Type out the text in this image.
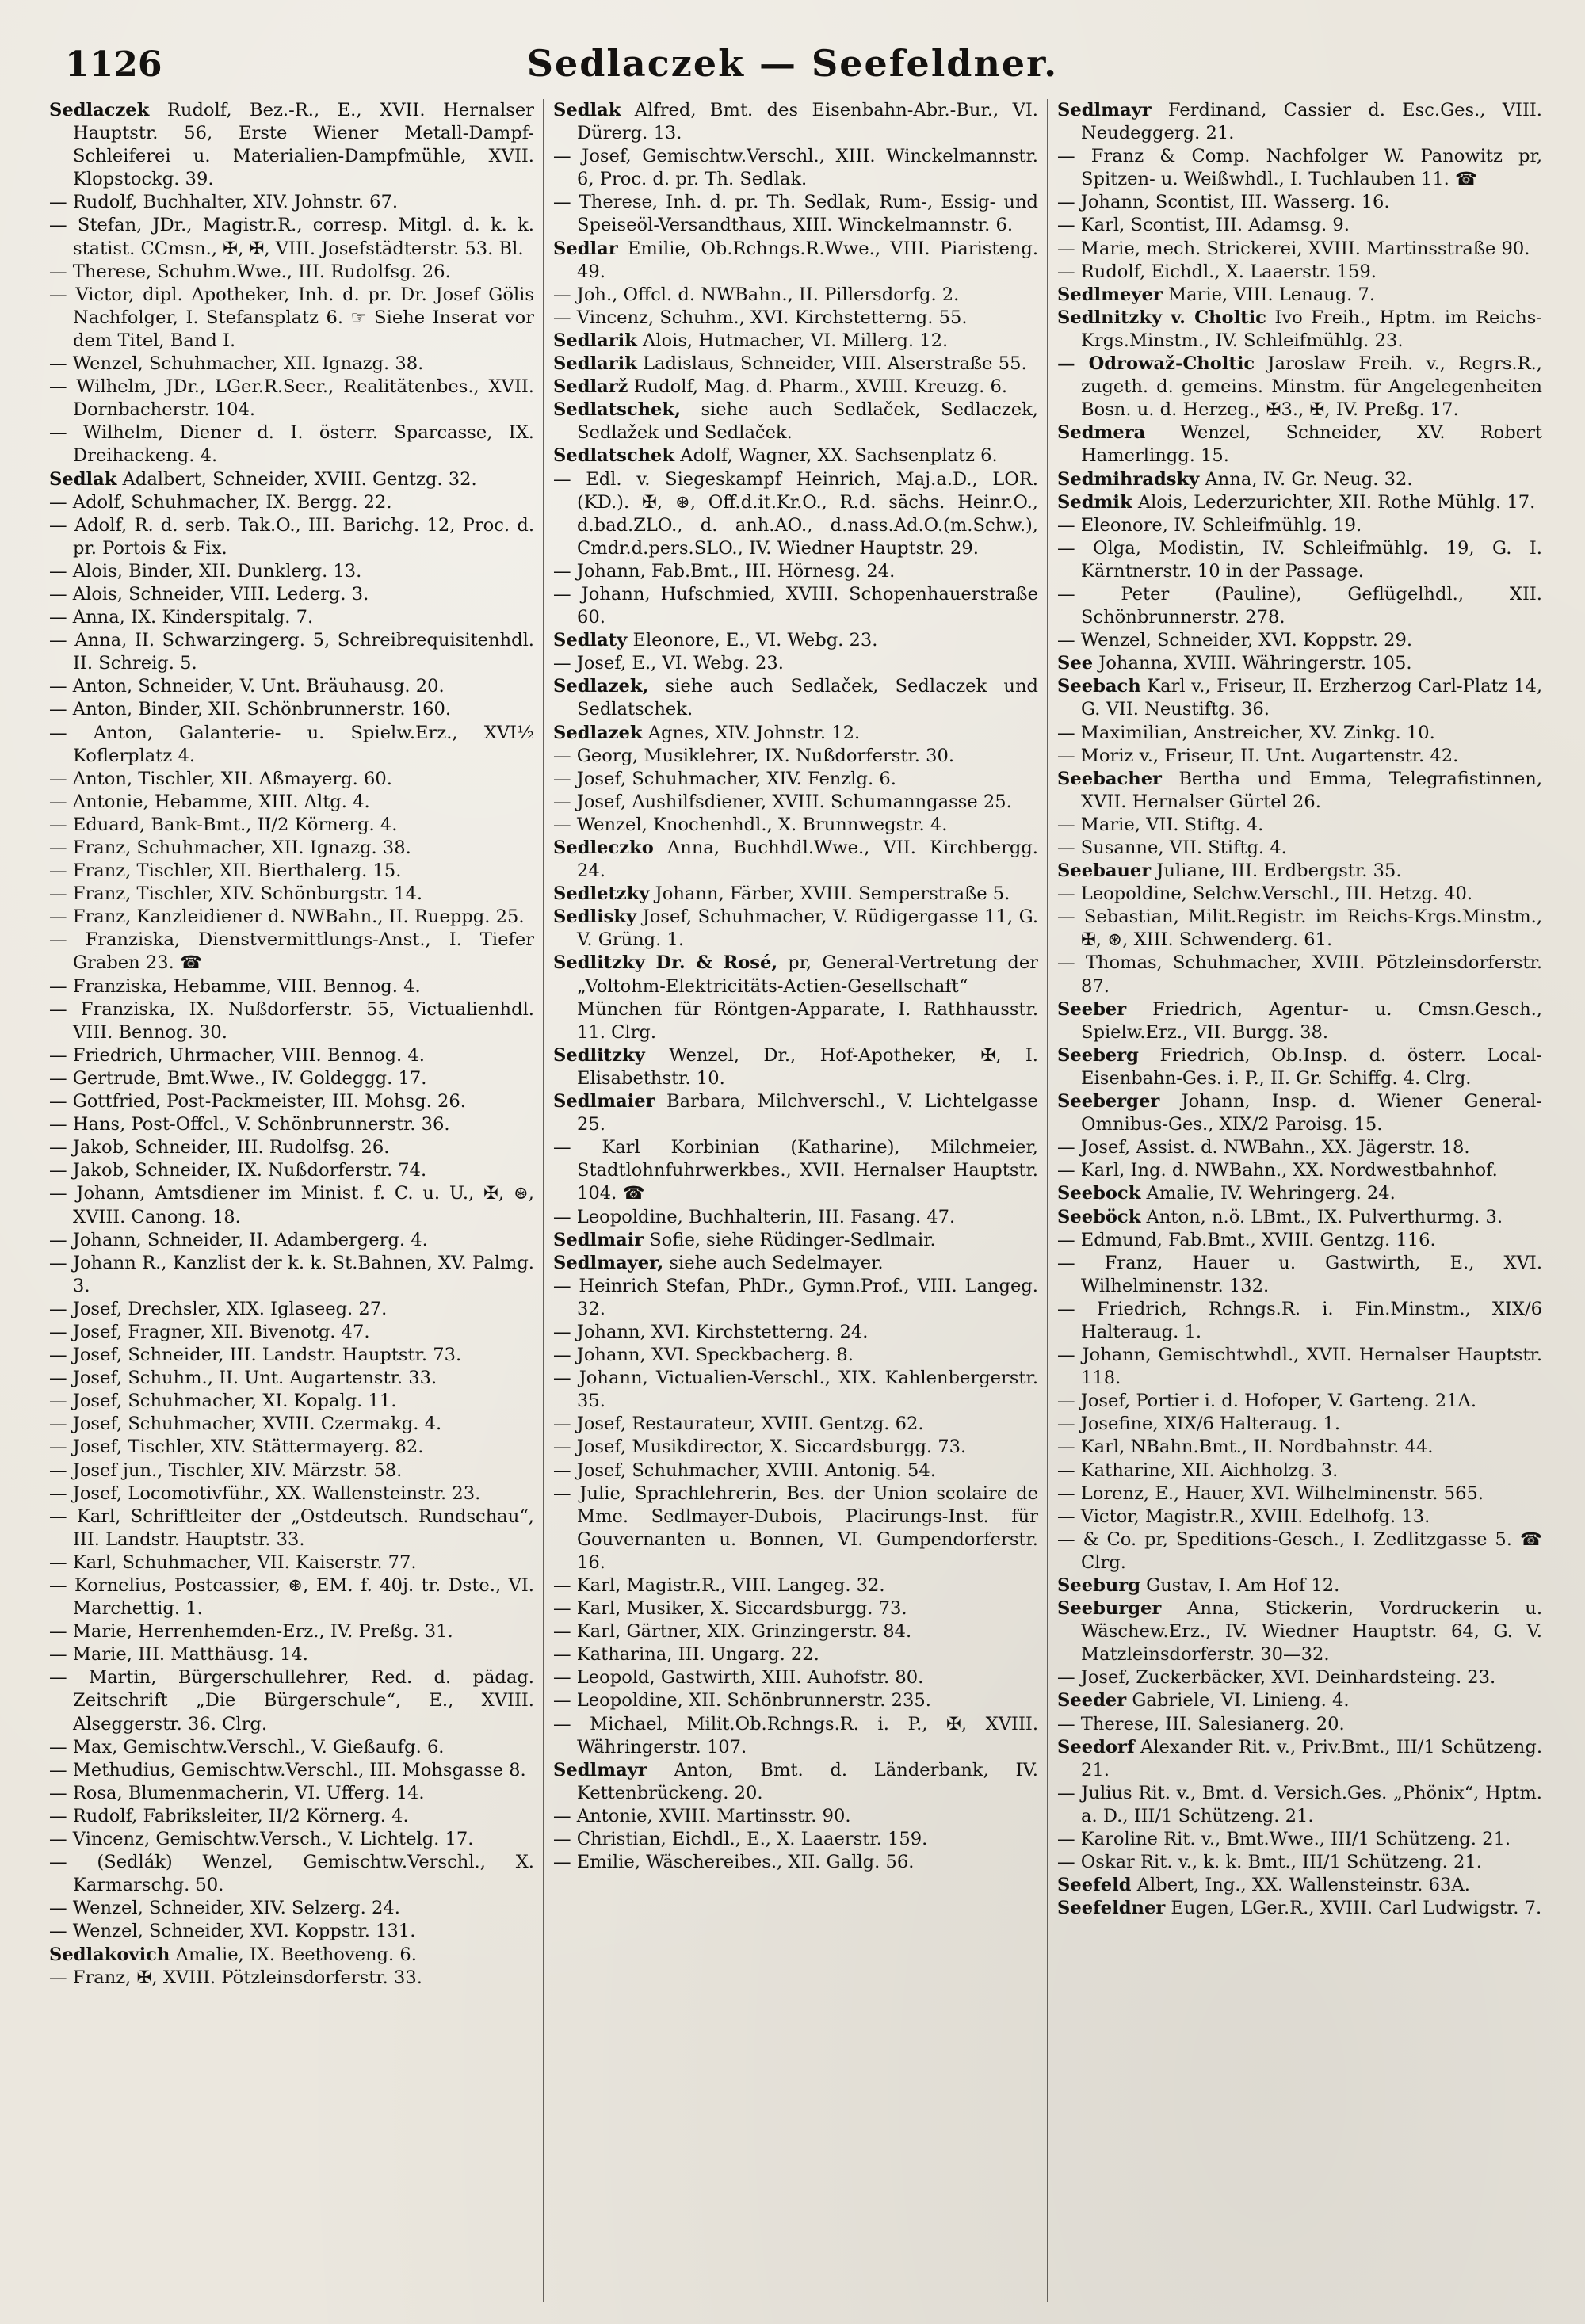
1126	Sedlaczek — Seefeldner.

Sedlaczek Rudolf, Bez.-R., E., XVII. Hernalser Hauptstr. 56, Erste Wiener Metall-Dampf-Schleiferei u. Materialien-Dampfmühle, XVII. Klopstockg. 39.

— Rudolf, Buchhalter, XIV. Johnstr. 67.

— Stefan, JDr., Magistr.R., corresp. Mitgl. d. k. k. statist. CCmsn., ✠, ✠, VIII. Josefstädterstr. 53. Bl.

— Therese, Schuhm.Wwe., III. Rudolfsg. 26.

— Victor, dipl. Apotheker, Inh. d. pr. Dr. Josef Gölis Nachfolger, I. Stefansplatz 6. ☞ Siehe Inserat vor dem Titel, Band I.

— Wenzel, Schuhmacher, XII. Ignazg. 38.

— Wilhelm, JDr., LGer.R.Secr., Realitätenbes., XVII. Dornbacherstr. 104.

— Wilhelm, Diener d. I. österr. Sparcasse, IX. Dreihackeng. 4.

Sedlak Adalbert, Schneider, XVIII. Gentzg. 32.

— Adolf, Schuhmacher, IX. Bergg. 22.

— Adolf, R. d. serb. Tak.O., III. Barichg. 12, Proc. d. pr. Portois & Fix.

— Alois, Binder, XII. Dunklerg. 13.

— Alois, Schneider, VIII. Lederg. 3.

— Anna, IX. Kinderspitalg. 7.

— Anna, II. Schwarzingerg. 5, Schreibrequisitenhdl. II. Schreig. 5.

— Anton, Schneider, V. Unt. Bräuhausg. 20.

— Anton, Binder, XII. Schönbrunnerstr. 160.

— Anton, Galanterie- u. Spielw.Erz., XVI½ Koflerplatz 4.

— Anton, Tischler, XII. Aßmayerg. 60.

— Antonie, Hebamme, XIII. Altg. 4.

— Eduard, Bank-Bmt., II/2 Körnerg. 4.

— Franz, Schuhmacher, XII. Ignazg. 38.

— Franz, Tischler, XII. Bierthalerg. 15.

— Franz, Tischler, XIV. Schönburgstr. 14.

— Franz, Kanzleidiener d. NWBahn., II. Rueppg. 25.

— Franziska, Dienstvermittlungs-Anst., I. Tiefer Graben 23. ☎

— Franziska, Hebamme, VIII. Bennog. 4.

— Franziska, IX. Nußdorferstr. 55, Victualienhdl. VIII. Bennog. 30.

— Friedrich, Uhrmacher, VIII. Bennog. 4.

— Gertrude, Bmt.Wwe., IV. Goldeggg. 17.

— Gottfried, Post-Packmeister, III. Mohsg. 26.

— Hans, Post-Offcl., V. Schönbrunnerstr. 36.

— Jakob, Schneider, III. Rudolfsg. 26.

— Jakob, Schneider, IX. Nußdorferstr. 74.

— Johann, Amtsdiener im Minist. f. C. u. U., ✠, ⊛, XVIII. Canong. 18.

— Johann, Schneider, II. Adambergerg. 4.

— Johann R., Kanzlist der k. k. St.Bahnen, XV. Palmg. 3.

— Josef, Drechsler, XIX. Iglaseeg. 27.

— Josef, Fragner, XII. Bivenotg. 47.

— Josef, Schneider, III. Landstr. Hauptstr. 73.

— Josef, Schuhm., II. Unt. Augartenstr. 33.

— Josef, Schuhmacher, XI. Kopalg. 11.

— Josef, Schuhmacher, XVIII. Czermakg. 4.

— Josef, Tischler, XIV. Stättermayerg. 82.

— Josef jun., Tischler, XIV. Märzstr. 58.

— Josef, Locomotivführ., XX. Wallensteinstr. 23.

— Karl, Schriftleiter der „Ostdeutsch. Rundschau“, III. Landstr. Hauptstr. 33.

— Karl, Schuhmacher, VII. Kaiserstr. 77.

— Kornelius, Postcassier, ⊛, EM. f. 40j. tr. Dste., VI. Marchettig. 1.

— Marie, Herrenhemden-Erz., IV. Preßg. 31.

— Marie, III. Matthäusg. 14.

— Martin, Bürgerschullehrer, Red. d. pädag. Zeitschrift „Die Bürgerschule“, E., XVIII. Alseggerstr. 36. Clrg.

— Max, Gemischtw.Verschl., V. Gießaufg. 6.

— Methudius, Gemischtw.Verschl., III. Mohsgasse 8.

— Rosa, Blumenmacherin, VI. Ufferg. 14.

— Rudolf, Fabriksleiter, II/2 Körnerg. 4.

— Vincenz, Gemischtw.Versch., V. Lichtelg. 17.

— (Sedlák) Wenzel, Gemischtw.Verschl., X. Karmarschg. 50.

— Wenzel, Schneider, XIV. Selzerg. 24.

— Wenzel, Schneider, XVI. Koppstr. 131.

Sedlakovich Amalie, IX. Beethoveng. 6.

— Franz, ✠, XVIII. Pötzleinsdorferstr. 33.

Sedlak Alfred, Bmt. des Eisenbahn-Abr.-Bur., VI. Dürerg. 13.

— Josef, Gemischtw.Verschl., XIII. Winckelmannstr. 6, Proc. d. pr. Th. Sedlak.

— Therese, Inh. d. pr. Th. Sedlak, Rum-, Essig- und Speiseöl-Versandthaus, XIII. Winckelmannstr. 6.

Sedlar Emilie, Ob.Rchngs.R.Wwe., VIII. Piaristeng. 49.

— Joh., Offcl. d. NWBahn., II. Pillersdorfg. 2.

— Vincenz, Schuhm., XVI. Kirchstetterng. 55.

Sedlarik Alois, Hutmacher, VI. Millerg. 12.

Sedlarik Ladislaus, Schneider, VIII. Alserstraße 55.

Sedlarž Rudolf, Mag. d. Pharm., XVIII. Kreuzg. 6.

Sedlatschek, siehe auch Sedlaček, Sedlaczek, Sedlažek und Sedlaček.

Sedlatschek Adolf, Wagner, XX. Sachsenplatz 6.

— Edl. v. Siegeskampf Heinrich, Maj.a.D., LOR. (KD.). ✠, ⊛, Off.d.it.Kr.O., R.d. sächs. Heinr.O., d.bad.ZLO., d. anh.AO., d.nass.Ad.O.(m.Schw.), Cmdr.d.pers.SLO., IV. Wiedner Hauptstr. 29.

— Johann, Fab.Bmt., III. Hörnesg. 24.

— Johann, Hufschmied, XVIII. Schopenhauerstraße 60.

Sedlaty Eleonore, E., VI. Webg. 23.

— Josef, E., VI. Webg. 23.

Sedlazek, siehe auch Sedlaček, Sedlaczek und Sedlatschek.

Sedlazek Agnes, XIV. Johnstr. 12.

— Georg, Musiklehrer, IX. Nußdorferstr. 30.

— Josef, Schuhmacher, XIV. Fenzlg. 6.

— Josef, Aushilfsdiener, XVIII. Schumanngasse 25.

— Wenzel, Knochenhdl., X. Brunnwegstr. 4.

Sedleczko Anna, Buchhdl.Wwe., VII. Kirchbergg. 24.

Sedletzky Johann, Färber, XVIII. Semperstraße 5.

Sedlisky Josef, Schuhmacher, V. Rüdigergasse 11, G. V. Grüng. 1.

Sedlitzky Dr. & Rosé, pr, General-Vertretung der „Voltohm-Elektricitäts-Actien-Gesellschaft“ München für Röntgen-Apparate, I. Rathhausstr. 11. Clrg.

Sedlitzky Wenzel, Dr., Hof-Apotheker, ✠, I. Elisabethstr. 10.

Sedlmaier Barbara, Milchverschl., V. Lichtelgasse 25.

— Karl Korbinian (Katharine), Milchmeier, Stadtlohnfuhrwerkbes., XVII. Hernalser Hauptstr. 104. ☎

— Leopoldine, Buchhalterin, III. Fasang. 47.

Sedlmair Sofie, siehe Rüdinger-Sedlmair.

Sedlmayer, siehe auch Sedelmayer.

— Heinrich Stefan, PhDr., Gymn.Prof., VIII. Langeg. 32.

— Johann, XVI. Kirchstetterng. 24.

— Johann, XVI. Speckbacherg. 8.

— Johann, Victualien-Verschl., XIX. Kahlenbergerstr. 35.

— Josef, Restaurateur, XVIII. Gentzg. 62.

— Josef, Musikdirector, X. Siccardsburgg. 73.

— Josef, Schuhmacher, XVIII. Antonig. 54.

— Julie, Sprachlehrerin, Bes. der Union scolaire de Mme. Sedlmayer-Dubois, Placirungs-Inst. für Gouvernanten u. Bonnen, VI. Gumpendorferstr. 16.

— Karl, Magistr.R., VIII. Langeg. 32.

— Karl, Musiker, X. Siccardsburgg. 73.

— Karl, Gärtner, XIX. Grinzingerstr. 84.

— Katharina, III. Ungarg. 22.

— Leopold, Gastwirth, XIII. Auhofstr. 80.

— Leopoldine, XII. Schönbrunnerstr. 235.

— Michael, Milit.Ob.Rchngs.R. i. P., ✠, XVIII. Währingerstr. 107.

Sedlmayr Anton, Bmt. d. Länderbank, IV. Kettenbrückeng. 20.

— Antonie, XVIII. Martinsstr. 90.

— Christian, Eichdl., E., X. Laaerstr. 159.

— Emilie, Wäschereibes., XII. Gallg. 56.

Sedlmayr Ferdinand, Cassier d. Esc.Ges., VIII. Neudeggerg. 21.

— Franz & Comp. Nachfolger W. Panowitz pr, Spitzen- u. Weißwhdl., I. Tuchlauben 11. ☎

— Johann, Scontist, III. Wasserg. 16.

— Karl, Scontist, III. Adamsg. 9.

— Marie, mech. Strickerei, XVIII. Martinsstraße 90.

— Rudolf, Eichdl., X. Laaerstr. 159.

Sedlmeyer Marie, VIII. Lenaug. 7.

Sedlnitzky v. Choltic Ivo Freih., Hptm. im Reichs-Krgs.Minstm., IV. Schleifmühlg. 23.

— Odrowaž-Choltic Jaroslaw Freih. v., Regrs.R., zugeth. d. gemeins. Minstm. für Angelegenheiten Bosn. u. d. Herzeg., ✠3., ✠, IV. Preßg. 17.

Sedmera Wenzel, Schneider, XV. Robert Hamerlingg. 15.

Sedmihradsky Anna, IV. Gr. Neug. 32.

Sedmik Alois, Lederzurichter, XII. Rothe Mühlg. 17.

— Eleonore, IV. Schleifmühlg. 19.

— Olga, Modistin, IV. Schleifmühlg. 19, G. I. Kärntnerstr. 10 in der Passage.

— Peter (Pauline), Geflügelhdl., XII. Schönbrunnerstr. 278.

— Wenzel, Schneider, XVI. Koppstr. 29.

See Johanna, XVIII. Währingerstr. 105.

Seebach Karl v., Friseur, II. Erzherzog Carl-Platz 14, G. VII. Neustiftg. 36.

— Maximilian, Anstreicher, XV. Zinkg. 10.

— Moriz v., Friseur, II. Unt. Augartenstr. 42.

Seebacher Bertha und Emma, Telegrafistinnen, XVII. Hernalser Gürtel 26.

— Marie, VII. Stiftg. 4.

— Susanne, VII. Stiftg. 4.

Seebauer Juliane, III. Erdbergstr. 35.

— Leopoldine, Selchw.Verschl., III. Hetzg. 40.

— Sebastian, Milit.Registr. im Reichs-Krgs.Minstm., ✠, ⊛, XIII. Schwenderg. 61.

— Thomas, Schuhmacher, XVIII. Pötzleinsdorferstr. 87.

Seeber Friedrich, Agentur- u. Cmsn.Gesch., Spielw.Erz., VII. Burgg. 38.

Seeberg Friedrich, Ob.Insp. d. österr. Local-Eisenbahn-Ges. i. P., II. Gr. Schiffg. 4. Clrg.

Seeberger Johann, Insp. d. Wiener General-Omnibus-Ges., XIX/2 Paroisg. 15.

— Josef, Assist. d. NWBahn., XX. Jägerstr. 18.

— Karl, Ing. d. NWBahn., XX. Nordwestbahnhof.

Seebock Amalie, IV. Wehringerg. 24.

Seeböck Anton, n.ö. LBmt., IX. Pulverthurmg. 3.

— Edmund, Fab.Bmt., XVIII. Gentzg. 116.

— Franz, Hauer u. Gastwirth, E., XVI. Wilhelminenstr. 132.

— Friedrich, Rchngs.R. i. Fin.Minstm., XIX/6 Halteraug. 1.

— Johann, Gemischtwhdl., XVII. Hernalser Hauptstr. 118.

— Josef, Portier i. d. Hofoper, V. Garteng. 21A.

— Josefine, XIX/6 Halteraug. 1.

— Karl, NBahn.Bmt., II. Nordbahnstr. 44.

— Katharine, XII. Aichholzg. 3.

— Lorenz, E., Hauer, XVI. Wilhelminenstr. 565.

— Victor, Magistr.R., XVIII. Edelhofg. 13.

— & Co. pr, Speditions-Gesch., I. Zedlitzgasse 5. ☎ Clrg.

Seeburg Gustav, I. Am Hof 12.

Seeburger Anna, Stickerin, Vordruckerin u. Wäschew.Erz., IV. Wiedner Hauptstr. 64, G. V. Matzleinsdorferstr. 30—32.

— Josef, Zuckerbäcker, XVI. Deinhardsteing. 23.

Seeder Gabriele, VI. Linieng. 4.

— Therese, III. Salesianerg. 20.

Seedorf Alexander Rit. v., Priv.Bmt., III/1 Schützeng. 21.

— Julius Rit. v., Bmt. d. Versich.Ges. „Phönix“, Hptm. a. D., III/1 Schützeng. 21.

— Karoline Rit. v., Bmt.Wwe., III/1 Schützeng. 21.

— Oskar Rit. v., k. k. Bmt., III/1 Schützeng. 21.

Seefeld Albert, Ing., XX. Wallensteinstr. 63A.

Seefeldner Eugen, LGer.R., XVIII. Carl Ludwigstr. 7.
